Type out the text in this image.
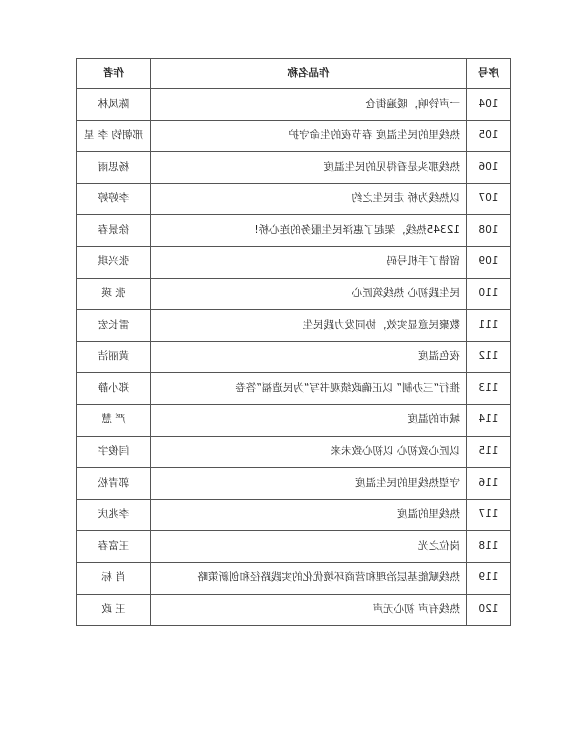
序号	作品名称	作者
104	一声铃响，暖遍街仓	陈凤林
105	热线里的民生温度 春节夜的生命守护	邢朝钧 李 星
106	热线那头是看得见的民生温度	杨思雨
107	以热线为桥 走民生之约	李婷婷
108	12345热线，架起了惠泽民生服务的连心桥!	徐景春
109	留错了手机号码	张兴琪
110	民生践初心 热线筑匠心	张 瑛
111	数聚民意显实效，协同发力践民生	雷长宏
112	夜色温度	黄丽洁
113	推行“三办制” 以正确政绩观书写“为民造福”答卷	郑小静
114	城市的温度	严 慧
115	以匠心致初心 以初心致未来	闫俊宇
116	守望热线里的民生温度	郭青松
117	热线里的温度	李兆庆
118	岗位之光	王富春
119	热线赋能基层治理和营商环境优化的实践路径和创新策略	肖 标
120	热线有声 初心无声	王 政
